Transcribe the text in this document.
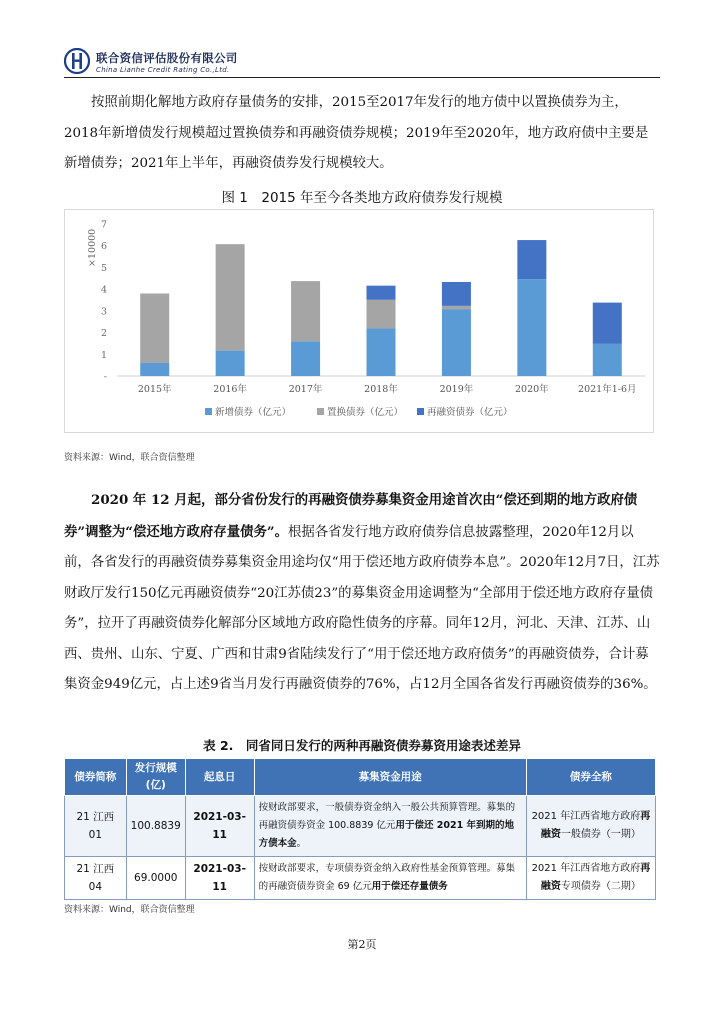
联合资信评估股份有限公司
China Lianhe Credit Rating Co.,Ltd.

按照前期化解地方政府存量债务的安排，2015至2017年发行的地方债中以置换债券为主，2018年新增债发行规模超过置换债券和再融资债券规模；2019年至2020年，地方政府债中主要是新增债券；2021年上半年，再融资债券发行规模较大。

图 1　2015 年至今各类地方政府债券发行规模
-
1
2
3
4
5
6
7
×10000
2015年	2016年	2017年	2018年	2019年	2020年	2021年1-6月
新增债券（亿元）	置换债券（亿元）	再融资债券（亿元）
资料来源：Wind，联合资信整理

2020 年 12 月起，部分省份发行的再融资债券募集资金用途首次由“偿还到期的地方政府债券”调整为“偿还地方政府存量债务”。根据各省发行地方政府债券信息披露整理，2020年12月以前，各省发行的再融资债券募集资金用途均仅“用于偿还地方政府债券本息”。2020年12月7日，江苏财政厅发行150亿元再融资债券“20江苏债23”的募集资金用途调整为“全部用于偿还地方政府存量债务”，拉开了再融资债券化解部分区域地方政府隐性债务的序幕。同年12月，河北、天津、江苏、山西、贵州、山东、宁夏、广西和甘肃9省陆续发行了“用于偿还地方政府债务”的再融资债券，合计募集资金949亿元，占上述9省当月发行再融资债券的76%，占12月全国各省发行再融资债券的36%。

表 2.　同省同日发行的两种再融资债券募资用途表述差异
债券简称	发行规模(亿)	起息日	募集资金用途	债券全称
21 江西 01	100.8839	2021-03-11	按财政部要求，一般债券资金纳入一般公共预算管理。募集的再融资债券资金 100.8839 亿元用于偿还 2021 年到期的地方债本金。	2021 年江西省地方政府再融资一般债券（一期）
21 江西 04	69.0000	2021-03-11	按财政部要求，专项债券资金纳入政府性基金预算管理。募集的再融资债券资金 69 亿元用于偿还存量债务	2021 年江西省地方政府再融资专项债券（二期）
资料来源：Wind，联合资信整理
第2页
